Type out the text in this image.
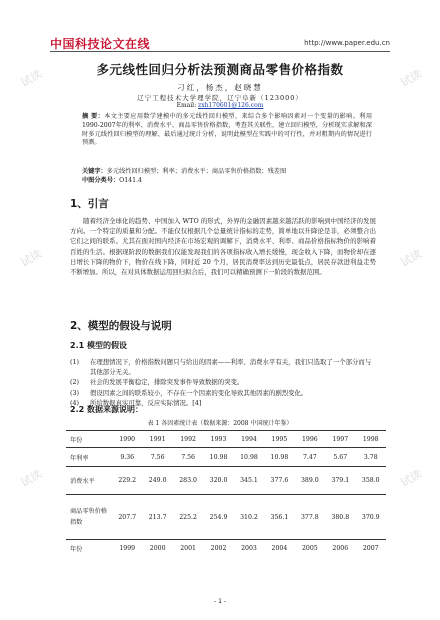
试读	试读
试读	试读
试读	试读
中国科技论文在线	http://www.paper.edu.cn
多元线性回归分析法预测商品零售价格指数
刁红，杨杰，赵晓慧
辽宁工程技术大学理学院，辽宁阜新（123000）
Email: zxh170601@126.com
摘 要：本文主要应用数学建模中的多元线性回归模型，来综合多个影响因素对一个变量的影响。利用1990-2007年的利率、消费水平、商品零售价格指数，考查其关联性，建立回归模型，分析现实求解和深时多元线性回归模型的理解、最后通过统计分析，说明此模型在实践中的可行性，并对粗期内的情况进行预测。
关键字：多元线性回归模型；利率；消费水平；商品零售价格指数；残差图
中图分类号：O141.4
1、引言
随着经济全球化的趋势、中国加入 WTO 的形式，外界的金融因素越来越活跃的影响到中国经济的发展方向。一个特定的质量和分配。不能仅仅根据几个总量统计指标的走势，简单地以升降论是非，必须整合出它们之间的联系。尤其在面对国内经济在市场宏观的调解下，消费水平、利率、商品价格指标物价的影响着百姓的生活。根据现阶段的数据我们仅能发现我们的各项指标收入增长缓慢，现金收入下降，而物价却在逐日增长下降的物价下，物价在线下降，同时近 20 个月，居民消费率达到历史最低点，居民存款进利益走势不断增加。所以，在对具体数据运用回归拟合后，我们可以精确预测下一阶段的数据范围。
2、模型的假设与说明
2.1 模型的假设
(1)	在理想情况下，价格指数问题只与给出的因素——利率、消费水平有关，我们只选取了一个部分而与其他部分无关。
(2)	社会的发展平衡稳定，排除突发事件导致数据的突变。
(3)	假设因素之间的联系较小，不存在一个因素的变化导致其他因素的剧烈变化。
(4)	所给数据真实可靠，反应实际情况。[4]
2.2 数据来源说明：
表 1 各因素统计表（数据来源：2008 中国统计年鉴）
年份	1990	1991	1992	1993	1994	1995	1996	1997	1998
年利率	9.36	7.56	7.56	10.98	10.98	10.98	7.47	5.67	3.78
消费水平	229.2	249.0	283.0	320.0	345.1	377.6	389.0	379.1	358.0
商品零售价格指数	207.7	213.7	225.2	254.9	310.2	356.1	377.8	380.8	370.9
年份	1999	2000	2001	2002	2003	2004	2005	2006	2007
- 1 -
